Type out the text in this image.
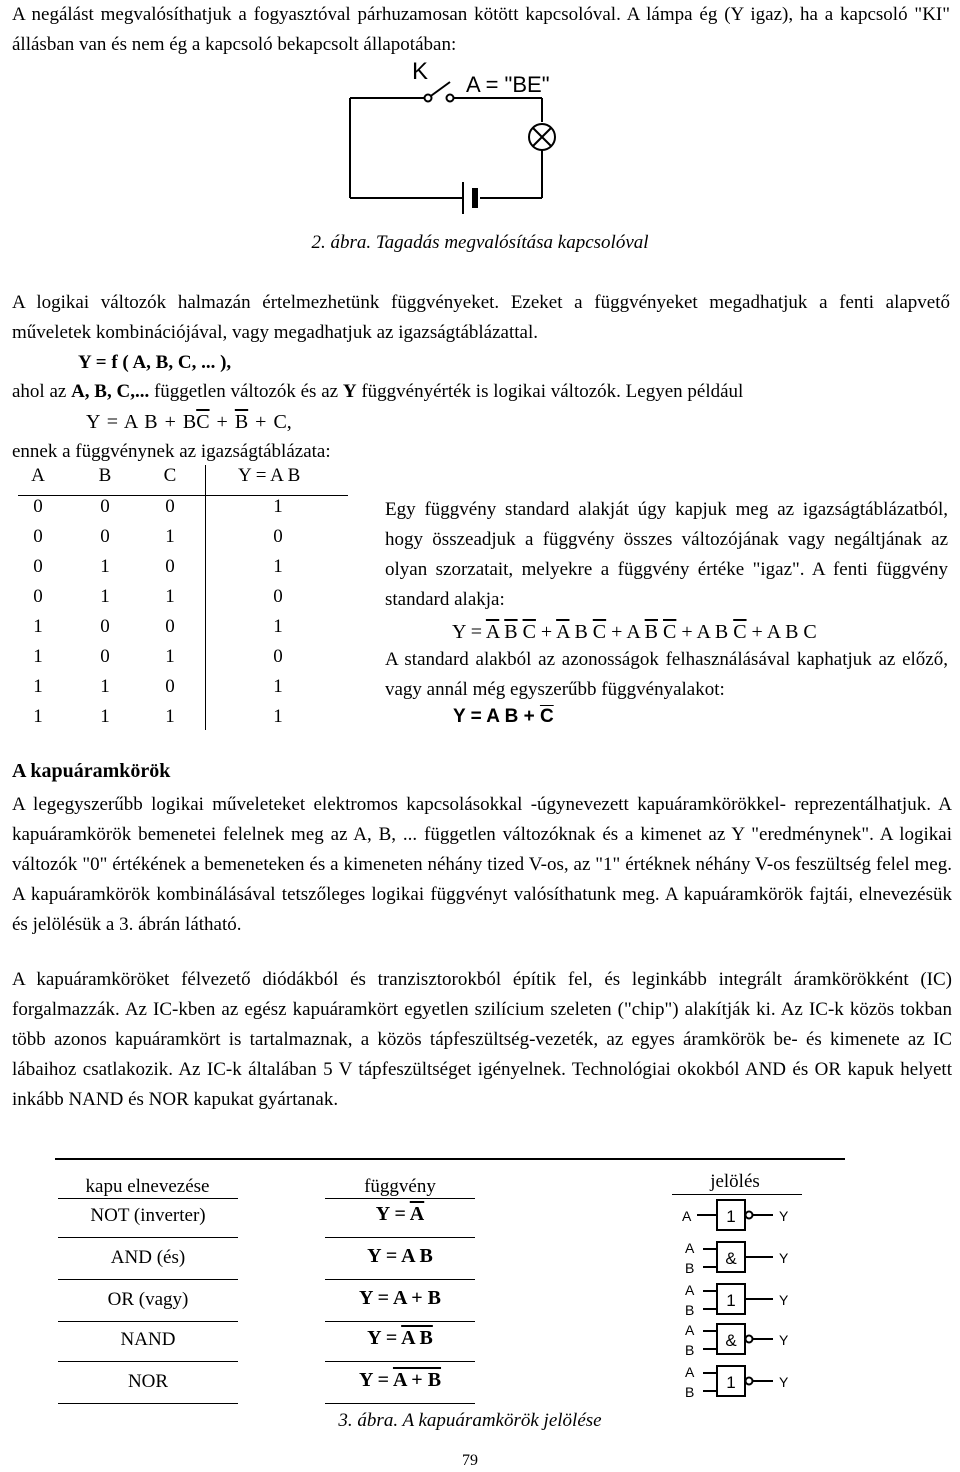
A negálást megvalósíthatjuk a fogyasztóval párhuzamosan kötött kapcsolóval. A lámpa ég (Y igaz), ha a kapcsoló "KI" állásban van és nem ég a kapcsoló bekapcsolt állapotában:
K A = "BE"
2. ábra. Tagadás megvalósítása kapcsolóval
A logikai változók halmazán értelmezhetünk függvényeket. Ezeket a függvényeket megadhatjuk a fenti alapvető műveletek kombinációjával, vagy megadhatjuk az igazságtáblázattal.
Y = f ( A, B, C, ... ),
ahol az A, B, C,... független változók és az Y függvényérték is logikai változók. Legyen például
Y = A $B + B\overline{C} + \overline{B} + C$,
ennek a függvénynek az igazságtáblázata:
A	B	C	Y = A B
0	0	0	1
0	0	1	0
0	1	0	1
0	1	1	0
1	0	0	1
1	0	1	0
1	1	0	1
1	1	1	1
Egy függvény standard alakját úgy kapjuk meg az igazságtáblázatból, hogy összeadjuk a függvény összes változójának vagy negáltjának az olyan szorzatait, melyekre a függvény értéke "igaz". A fenti függvény standard alakja:
$Y = \overline{A}$ $\overline{B}$ $\overline{C} + \overline{A}$ B $\overline{C} + A$ $\overline{B}$ $\overline{C} + A$ B $\overline{C} + A$ B C
A standard alakból az azonosságok felhasználásával kaphatjuk az előző, vagy annál még egyszerűbb függvényalakot:
Y = A $B + \overline{C}$
A kapuáramkörök
A legegyszerűbb logikai műveleteket elektromos kapcsolásokkal -úgynevezett kapuáramkörökkel- reprezentálhatjuk. A kapuáramkörök bemenetei felelnek meg az A, B, ... független változóknak és a kimenet az Y "eredménynek". A logikai változók "0" értékének a bemeneteken és a kimeneten néhány tized V-os, az "1" értéknek néhány V-os feszültség felel meg. A kapuáramkörök kombinálásával tetszőleges logikai függvényt valósíthatunk meg. A kapuáramkörök fajtái, elnevezésük és jelölésük a 3. ábrán látható.
A kapuáramköröket félvezető diódákból és tranzisztorokból építik fel, és leginkább integrált áramkörökként (IC) forgalmazzák. Az IC-kben az egész kapuáramkört egyetlen szilícium szeleten ("chip") alakítják ki. Az IC-k közös tokban több azonos kapuáramkört is tartalmaznak, a közös tápfeszültség-vezeték, az egyes áramkörök be- és kimenete az IC lábaihoz csatlakozik. Az IC-k általában 5 V tápfeszültséget igényelnek. Technológiai okokból AND és OR kapuk helyett inkább NAND és NOR kapukat gyártanak.
kapu elnevezése	függvény	jelölés
NOT (inverter)	$Y = \overline{A}$	1
A	Y
AND (és)	Y = A B	&
A
B
Y
OR (vagy)	Y = A + B	1
A
B
Y
NAND	Y = A B	&
A
B
Y
NOR	Y = A + B	1
A
B
Y
3. ábra. A kapuáramkörök jelölése
79
